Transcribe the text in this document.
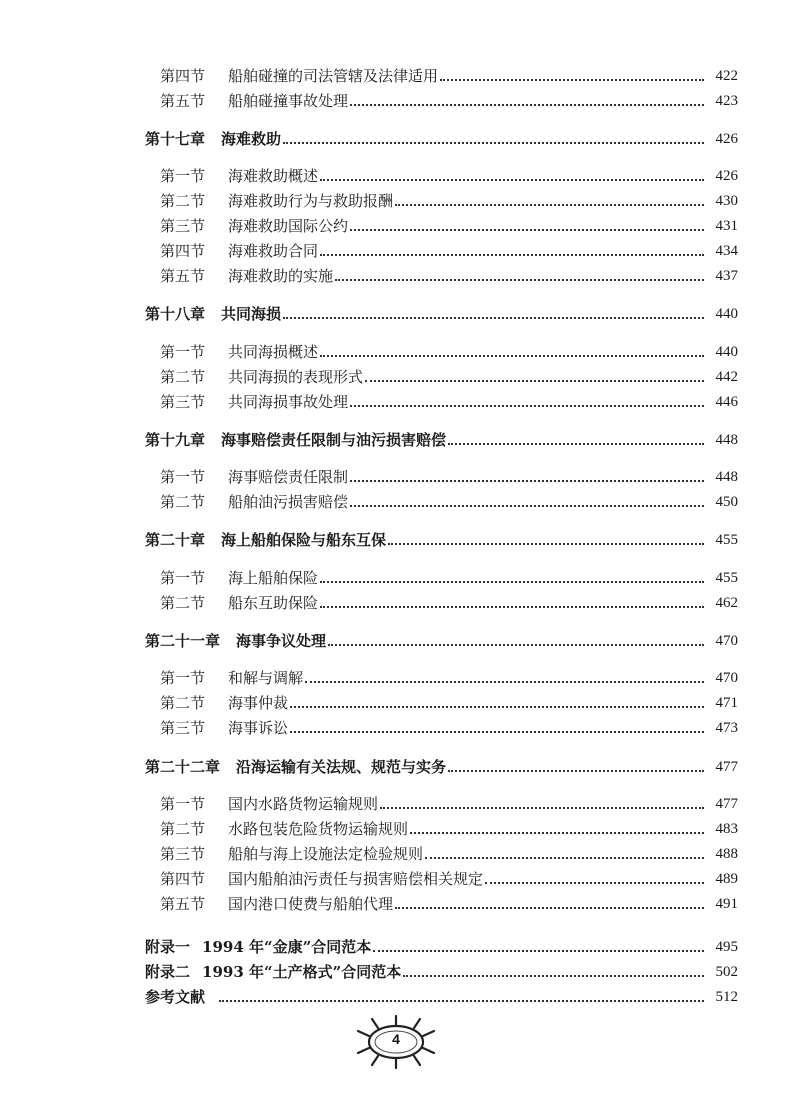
第四节	船舶碰撞的司法管辖及法律适用	422
第五节	船舶碰撞事故处理	423
第十七章 海难救助	426
第一节	海难救助概述	426
第二节	海难救助行为与救助报酬	430
第三节	海难救助国际公约	431
第四节	海难救助合同	434
第五节	海难救助的实施	437
第十八章 共同海损	440
第一节	共同海损概述	440
第二节	共同海损的表现形式	442
第三节	共同海损事故处理	446
第十九章 海事赔偿责任限制与油污损害赔偿	448
第一节	海事赔偿责任限制	448
第二节	船舶油污损害赔偿	450
第二十章 海上船舶保险与船东互保	455
第一节	海上船舶保险	455
第二节	船东互助保险	462
第二十一章 海事争议处理	470
第一节	和解与调解	470
第二节	海事仲裁	471
第三节	海事诉讼	473
第二十二章 沿海运输有关法规、规范与实务	477
第一节	国内水路货物运输规则	477
第二节	水路包装危险货物运输规则	483
第三节	船舶与海上设施法定检验规则	488
第四节	国内船舶油污责任与损害赔偿相关规定	489
第五节	国内港口使费与船舶代理	491
附录一 1994 年“金康”合同范本	495
附录二 1993 年“土产格式”合同范本	502
参考文献	512
4
